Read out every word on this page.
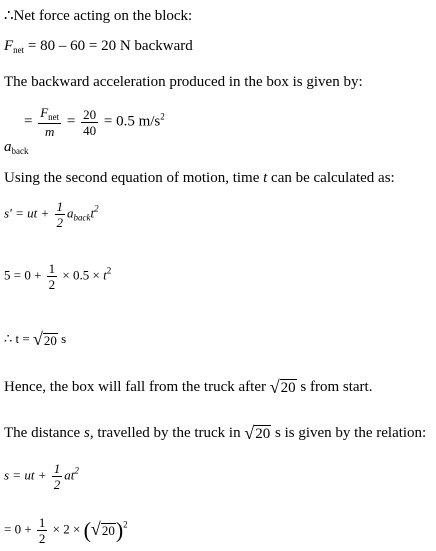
∴Net force acting on the block:
$F_{net} = 80 - 60 = 20$ N backward
The backward acceleration produced in the box is given by:
= $\frac{F_{net}}{m} = \frac{20}{40} = 0.5$ $m/s^2$
$a_{back}$
Using the second equation of motion, time t can be calculated as:
s' = ut + $\frac{1}{2} a_{back}t^2$
$5 = 0 + \frac{1}{2} \times 0.5 \times t^2$
∴ t = √ 20 s
Hence, the box will fall from the truck after √ 20 s from start.
The distance s, travelled by the truck in √ 20 s is given by the relation:
s = ut + $\frac{1}{2} at^2$
= $0 + \frac{1}{2} \times 2$ × ( √ 20 )$^2$
